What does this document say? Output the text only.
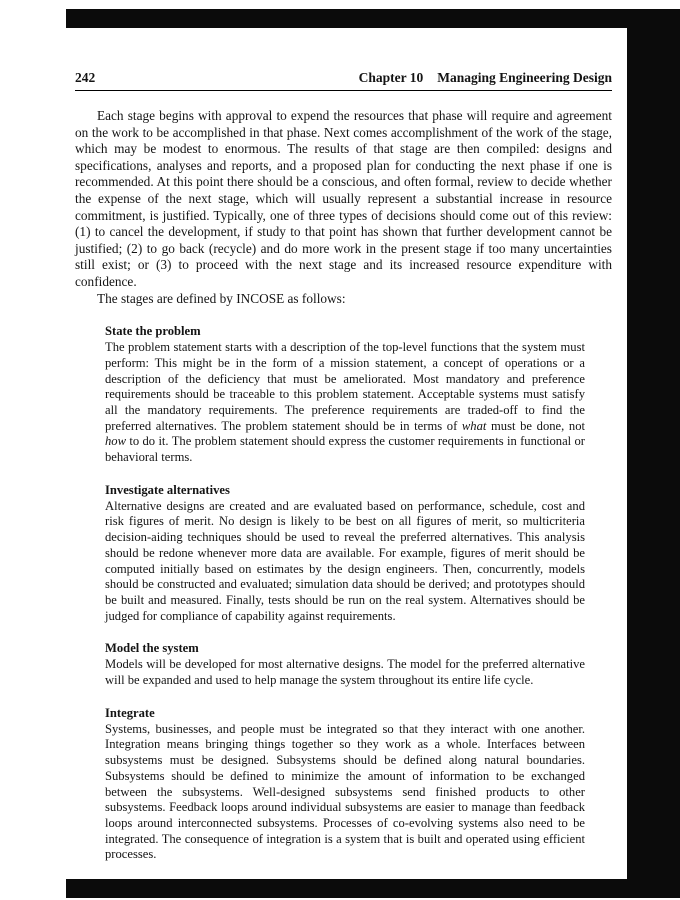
242	Chapter 10 Managing Engineering Design

Each stage begins with approval to expend the resources that phase will require and agreement on the work to be accomplished in that phase. Next comes accomplishment of the work of the stage, which may be modest to enormous. The results of that stage are then compiled: designs and specifications, analyses and reports, and a proposed plan for conducting the next phase if one is recommended. At this point there should be a conscious, and often formal, review to decide whether the expense of the next stage, which will usually represent a substantial increase in resource commitment, is justified. Typically, one of three types of decisions should come out of this review: (1) to cancel the development, if study to that point has shown that further development cannot be justified; (2) to go back (recycle) and do more work in the present stage if too many uncertainties still exist; or (3) to proceed with the next stage and its increased resource expenditure with confidence.

The stages are defined by INCOSE as follows:

State the problem

The problem statement starts with a description of the top-level functions that the system must perform: This might be in the form of a mission statement, a concept of operations or a description of the deficiency that must be ameliorated. Most mandatory and preference requirements should be traceable to this problem statement. Acceptable systems must satisfy all the mandatory requirements. The preference requirements are traded-off to find the preferred alternatives. The problem statement should be in terms of what must be done, not how to do it. The problem statement should express the customer requirements in functional or behavioral terms.

Investigate alternatives

Alternative designs are created and are evaluated based on performance, schedule, cost and risk figures of merit. No design is likely to be best on all figures of merit, so multicriteria decision-aiding techniques should be used to reveal the preferred alternatives. This analysis should be redone whenever more data are available. For example, figures of merit should be computed initially based on estimates by the design engineers. Then, concurrently, models should be constructed and evaluated; simulation data should be derived; and prototypes should be built and measured. Finally, tests should be run on the real system. Alternatives should be judged for compliance of capability against requirements.

Model the system

Models will be developed for most alternative designs. The model for the preferred alternative will be expanded and used to help manage the system throughout its entire life cycle.

Integrate

Systems, businesses, and people must be integrated so that they interact with one another. Integration means bringing things together so they work as a whole. Interfaces between subsystems must be designed. Subsystems should be defined along natural boundaries. Subsystems should be defined to minimize the amount of information to be exchanged between the subsystems. Well-designed subsystems send finished products to other subsystems. Feedback loops around individual subsystems are easier to manage than feedback loops around interconnected subsystems. Processes of co-evolving systems also need to be integrated. The consequence of integration is a system that is built and operated using efficient processes.
